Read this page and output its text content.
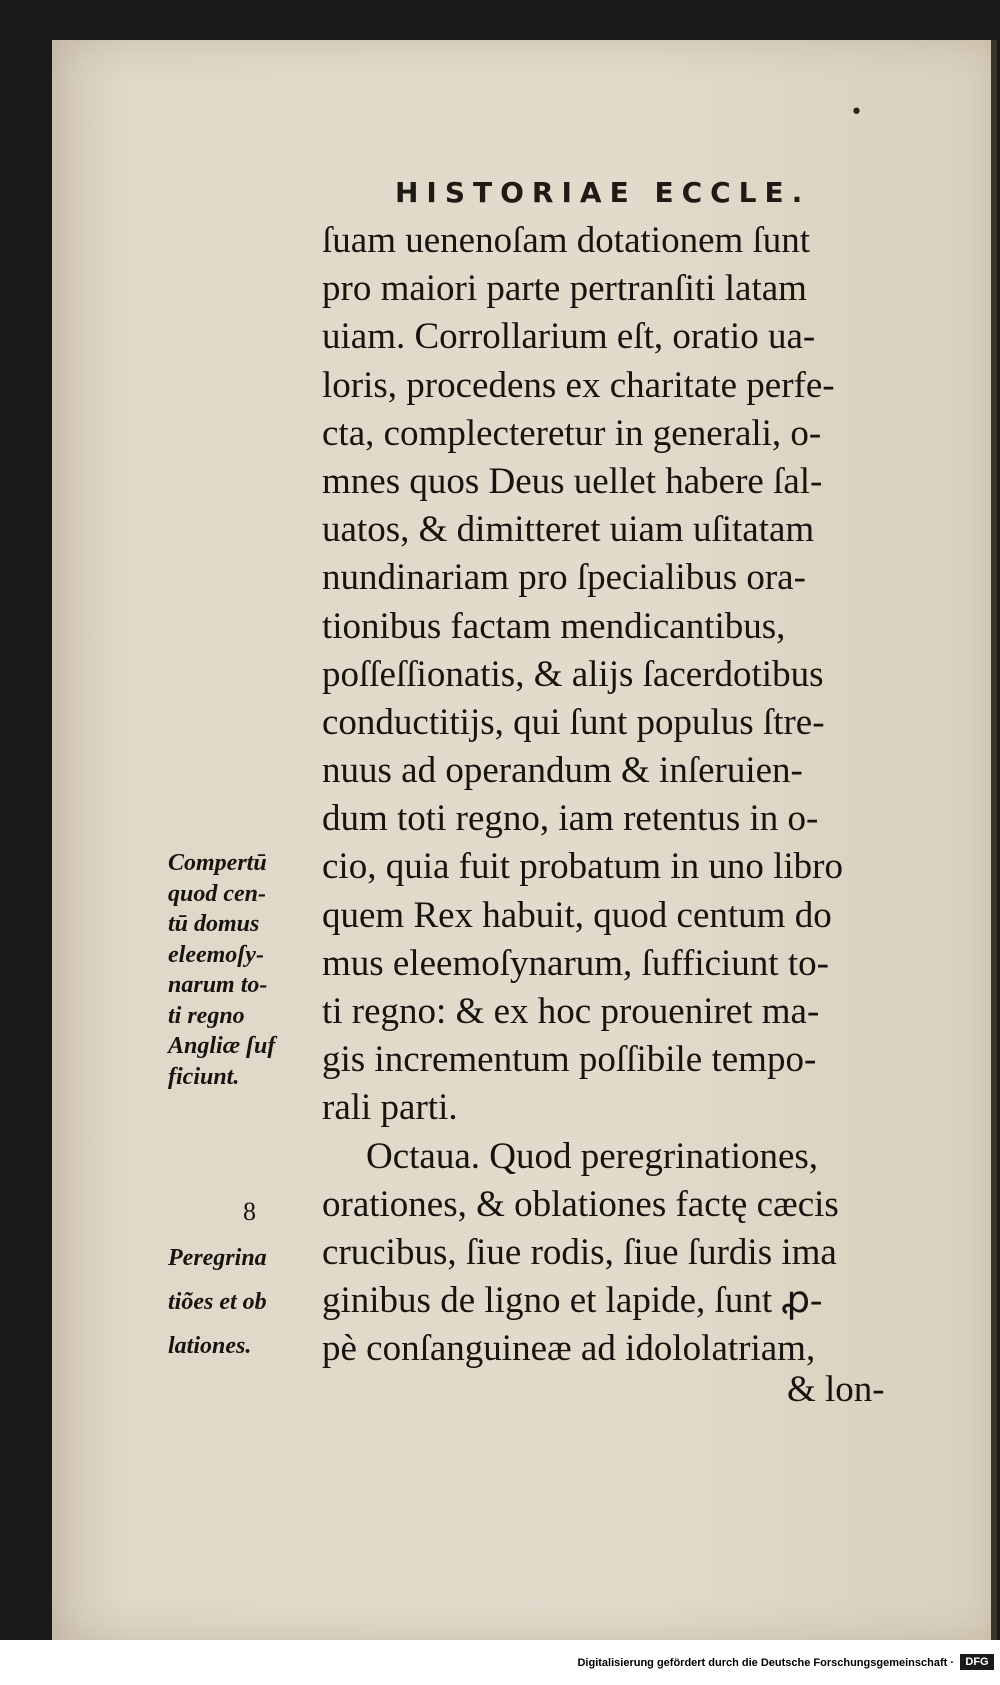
•
HISTORIAE ECCLE.
ſuam uenenoſam dotationem ſunt
pro maiori parte pertranſiti latam
uiam. Corrollarium eſt, oratio ua-
loris, procedens ex charitate perfe-
cta, complecteretur in generali, o-
mnes quos Deus uellet habere ſal-
uatos, & dimitteret uiam uſitatam
nundinariam pro ſpecialibus ora-
tionibus factam mendicantibus,
poſſeſſionatis, & alijs ſacerdotibus
conductitijs, qui ſunt populus ſtre-
nuus ad operandum & inſeruien-
dum toti regno, iam retentus in o-
cio, quia fuit probatum in uno libro
quem Rex habuit, quod centum do
mus eleemoſynarum, ſufficiunt to-
ti regno: & ex hoc proueniret ma-
gis incrementum poſſibile tempo-
rali parti.
Octaua. Quod peregrinationes,
orationes, & oblationes factę cæcis
crucibus, ſiue rodis, ſiue ſurdis ima
ginibus de ligno et lapide, ſunt ꝓ-
pè conſanguineæ ad idololatriam,
& lon-
Compertū
quod cen-
tū domus
eleemoſy-
narum to-
ti regno
Angliæ ſuf
ficiunt.
8
Peregrina
tiões et ob
lationes.
Digitalisierung gefördert durch die Deutsche Forschungsgemeinschaft ·	DFG
